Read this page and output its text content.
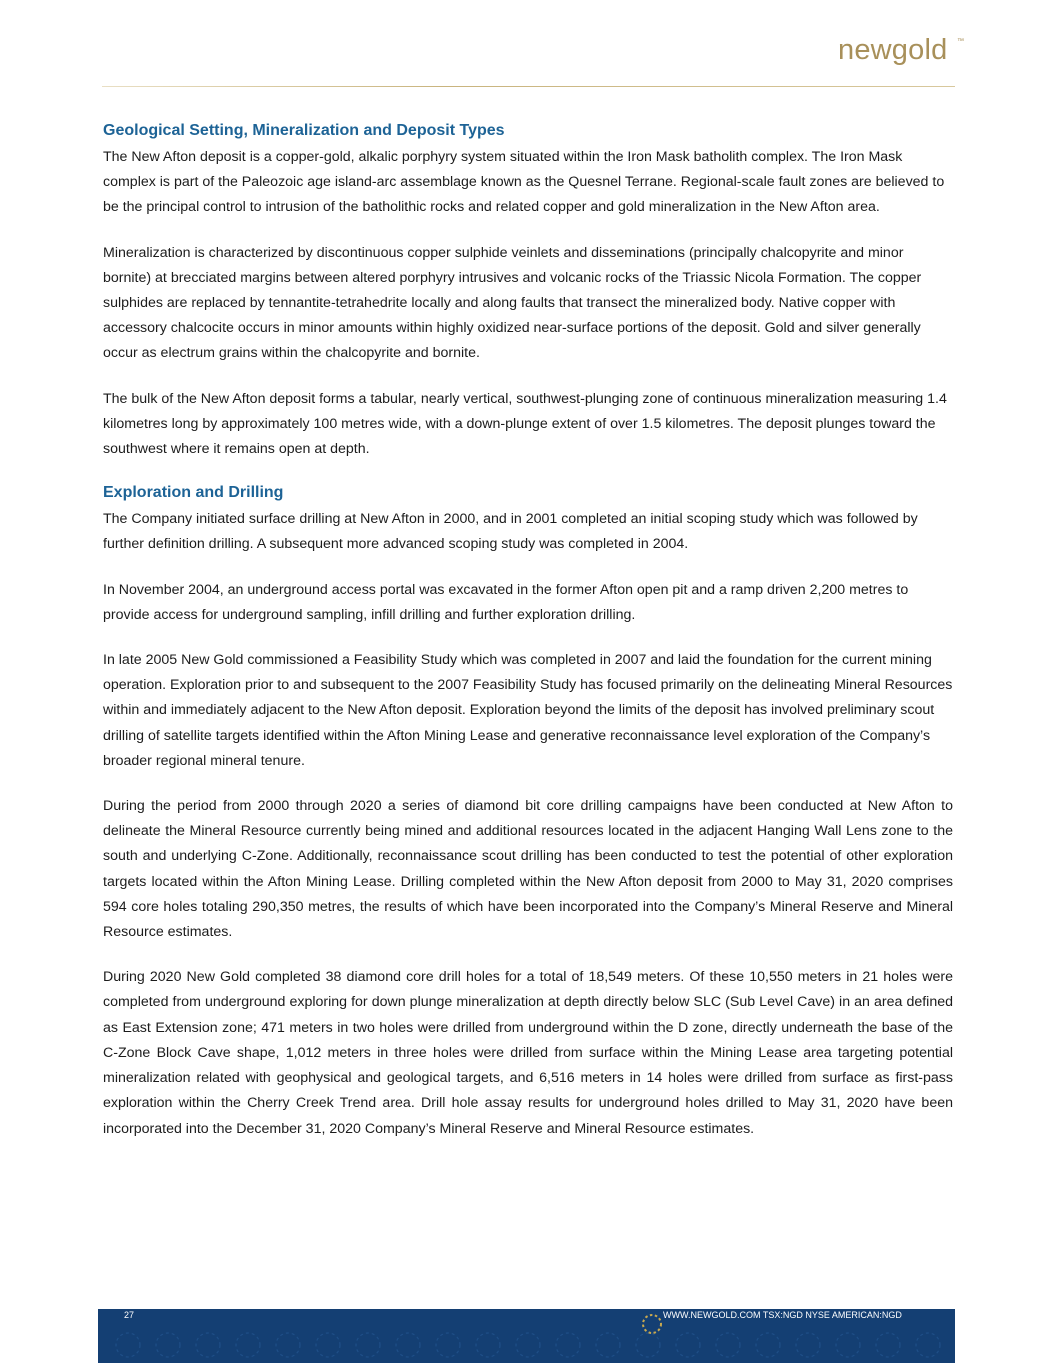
newgold ™
Geological Setting, Mineralization and Deposit Types

The New Afton deposit is a copper-gold, alkalic porphyry system situated within the Iron Mask batholith complex. The Iron Mask complex is part of the Paleozoic age island-arc assemblage known as the Quesnel Terrane. Regional-scale fault zones are believed to be the principal control to intrusion of the batholithic rocks and related copper and gold mineralization in the New Afton area.

Mineralization is characterized by discontinuous copper sulphide veinlets and disseminations (principally chalcopyrite and minor bornite) at brecciated margins between altered porphyry intrusives and volcanic rocks of the Triassic Nicola Formation. The copper sulphides are replaced by tennantite-tetrahedrite locally and along faults that transect the mineralized body. Native copper with accessory chalcocite occurs in minor amounts within highly oxidized near-surface portions of the deposit. Gold and silver generally occur as electrum grains within the chalcopyrite and bornite.

The bulk of the New Afton deposit forms a tabular, nearly vertical, southwest-plunging zone of continuous mineralization measuring 1.4 kilometres long by approximately 100 metres wide, with a down-plunge extent of over 1.5 kilometres. The deposit plunges toward the southwest where it remains open at depth.

Exploration and Drilling

The Company initiated surface drilling at New Afton in 2000, and in 2001 completed an initial scoping study which was followed by further definition drilling. A subsequent more advanced scoping study was completed in 2004.

In November 2004, an underground access portal was excavated in the former Afton open pit and a ramp driven 2,200 metres to provide access for underground sampling, infill drilling and further exploration drilling.

In late 2005 New Gold commissioned a Feasibility Study which was completed in 2007 and laid the foundation for the current mining operation. Exploration prior to and subsequent to the 2007 Feasibility Study has focused primarily on the delineating Mineral Resources within and immediately adjacent to the New Afton deposit. Exploration beyond the limits of the deposit has involved preliminary scout drilling of satellite targets identified within the Afton Mining Lease and generative reconnaissance level exploration of the Company’s broader regional mineral tenure.

During the period from 2000 through 2020 a series of diamond bit core drilling campaigns have been conducted at New Afton to delineate the Mineral Resource currently being mined and additional resources located in the adjacent Hanging Wall Lens zone to the south and underlying C-Zone. Additionally, reconnaissance scout drilling has been conducted to test the potential of other exploration targets located within the Afton Mining Lease. Drilling completed within the New Afton deposit from 2000 to May 31, 2020 comprises 594 core holes totaling 290,350 metres, the results of which have been incorporated into the Company’s Mineral Reserve and Mineral Resource estimates.

During 2020 New Gold completed 38 diamond core drill holes for a total of 18,549 meters. Of these 10,550 meters in 21 holes were completed from underground exploring for down plunge mineralization at depth directly below SLC (Sub Level Cave) in an area defined as East Extension zone; 471 meters in two holes were drilled from underground within the D zone, directly underneath the base of the C-Zone Block Cave shape, 1,012 meters in three holes were drilled from surface within the Mining Lease area targeting potential mineralization related with geophysical and geological targets, and 6,516 meters in 14 holes were drilled from surface as first-pass exploration within the Cherry Creek Trend area. Drill hole assay results for underground holes drilled to May 31, 2020 have been incorporated into the December 31, 2020 Company’s Mineral Reserve and Mineral Resource estimates.

27	WWW.NEWGOLD.COM TSX:NGD NYSE AMERICAN:NGD
